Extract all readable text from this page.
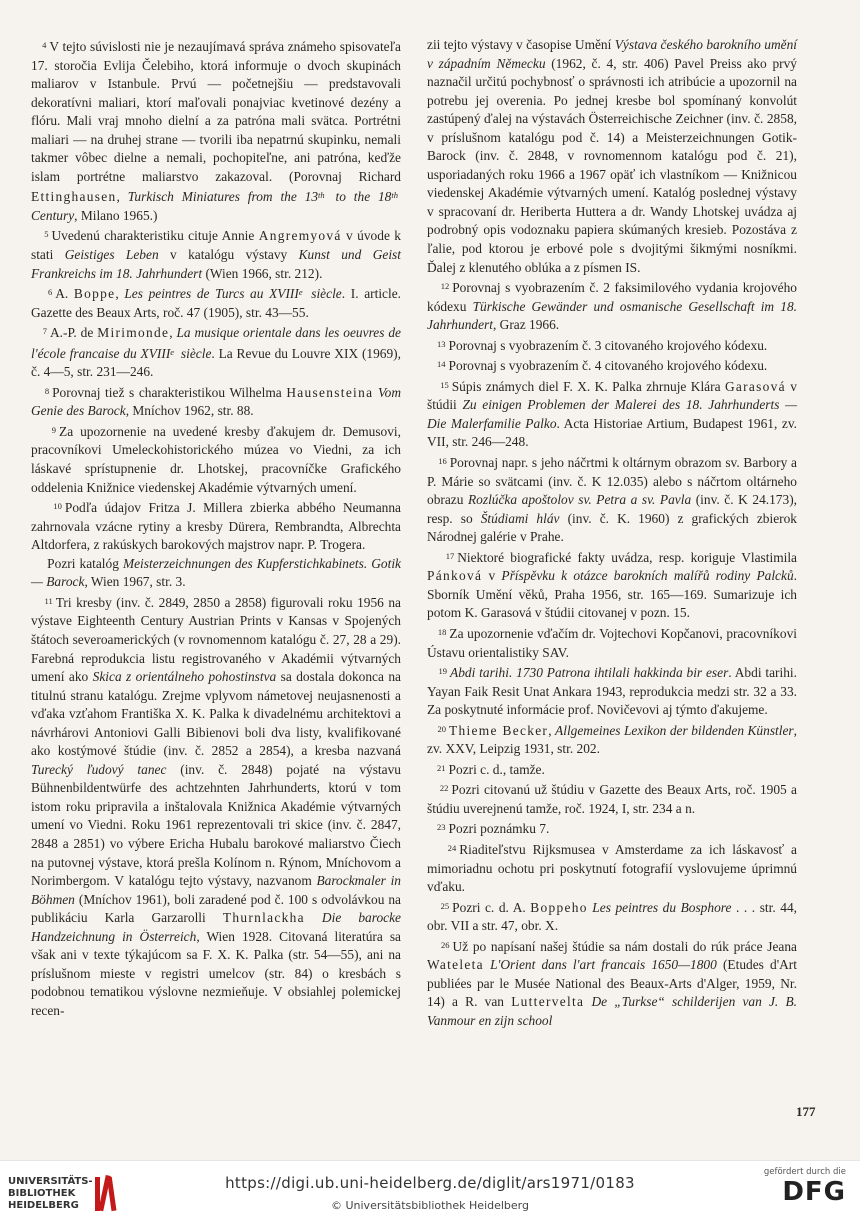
$^4$ V tejto súvislosti nie je nezaujímavá správa známeho spisovateľa 17. storočia Evlija Čelebiho, ktorá informuje o dvoch skupinách maliarov v Istanbule. Prvú — početnejšiu — predstavovali dekoratívni maliari, ktorí maľovali ponajviac kvetinové dezény a flóru. Mali vraj mnoho dielní a za patróna mali svätca. Portrétni maliari — na druhej strane — tvorili iba nepatrnú skupinku, nemali takmer vôbec dielne a nemali, pochopiteľne, ani patróna, keďže islam portrétne maliarstvo zakazoval. (Porovnaj Richard Ettinghausen, Turkisch Miniatures from the 13th to the 18th Century, Milano 1965.)

$^5$ Uvedenú charakteristiku cituje Annie Angremyová v úvode k stati Geistiges Leben v katalógu výstavy Kunst und Geist Frankreichs im 18. Jahrhundert (Wien 1966, str. 212).

$^6$ A. Boppe, Les peintres de Turcs au XVIIIe siècle. I. article. Gazette des Beaux Arts, roč. 47 (1905), str. 43—55.

$^7$ A.-P. de Mirimonde, La musique orientale dans les oeuvres de l'école francaise du XVIIIe siècle. La Revue du Louvre XIX (1969), č. 4—5, str. 231—246.

$^8$ Porovnaj tiež s charakteristikou Wilhelma Hausensteina Vom Genie des Barock, Mníchov 1962, str. 88.

$^9$ Za upozornenie na uvedené kresby ďakujem dr. Demusovi, pracovníkovi Umeleckohistorického múzea vo Viedni, za ich láskavé sprístupnenie dr. Lhotskej, pracovníčke Grafického oddelenia Knižnice viedenskej Akadémie výtvarných umení.

$^{10}$ Podľa údajov Fritza J. Millera zbierka abbého Neumanna zahrnovala vzácne rytiny a kresby Dürera, Rembrandta, Albrechta Altdorfera, z rakúskych barokových majstrov napr. P. Trogera.
Pozri katalóg Meisterzeichnungen des Kupferstichkabinets. Gotik — Barock, Wien 1967, str. 3.

$^{11}$ Tri kresby (inv. č. 2849, 2850 a 2858) figurovali roku 1956 na výstave Eighteenth Century Austrian Prints v Kansas v Spojených štátoch severoamerických (v rovnomennom katalógu č. 27, 28 a 29). Farebná reprodukcia listu registrovaného v Akadémii výtvarných umení ako Skica z orientálneho pohostinstva sa dostala dokonca na titulnú stranu katalógu. Zrejme vplyvom námetovej neujasnenosti a vďaka vzťahom Františka X. K. Palka k divadelnému architektovi a návrhárovi Antoniovi Galli Bibienovi boli dva listy, kvalifikované ako kostýmové štúdie (inv. č. 2852 a 2854), a kresba nazvaná Turecký ľudový tanec (inv. č. 2848) pojaté na výstavu Bühnenbildentwürfe des achtzehnten Jahrhunderts, ktorú v tom istom roku pripravila a inštalovala Knižnica Akadémie výtvarných umení vo Viedni. Roku 1961 reprezentovali tri skice (inv. č. 2847, 2848 a 2851) vo výbere Ericha Hubalu barokové maliarstvo Čiech na putovnej výstave, ktorá prešla Kolínom n. Rýnom, Mníchovom a Norimbergom. V katalógu tejto výstavy, nazvanom Barockmaler in Böhmen (Mníchov 1961), boli zaradené pod č. 100 s odvolávkou na publikáciu Karla Garzarolli Thurnlackha Die barocke Handzeichnung in Österreich, Wien 1928. Citovaná literatúra sa však ani v texte týkajúcom sa F. X. K. Palka (str. 54—55), ani na príslušnom mieste v registri umelcov (str. 84) o kresbách s podobnou tematikou výslovne nezmieňuje. V obsiahlej polemickej recen-

zii tejto výstavy v časopise Umění Výstava českého barokního umění v západním Německu (1962, č. 4, str. 406) Pavel Preiss ako prvý naznačil určitú pochybnosť o správnosti ich atribúcie a upozornil na potrebu jej overenia. Po jednej kresbe bol spomínaný konvolút zastúpený ďalej na výstavách Österreichische Zeichner (inv. č. 2858, v príslušnom katalógu pod č. 14) a Meisterzeichnungen Gotik-Barock (inv. č. 2848, v rovnomennom katalógu pod č. 21), usporiadaných roku 1966 a 1967 opäť ich vlastníkom — Knižnicou viedenskej Akadémie výtvarných umení. Katalóg poslednej výstavy v spracovaní dr. Heriberta Huttera a dr. Wandy Lhotskej uvádza aj podrobný opis vodoznaku papiera skúmaných kresieb. Pozostáva z ľalie, pod ktorou je erbové pole s dvojitými šikmými nosníkmi. Ďalej z klenutého oblúka a z písmen IS.

$^{12}$ Porovnaj s vyobrazením č. 2 faksimilového vydania krojového kódexu Türkische Gewänder und osmanische Gesellschaft im 18. Jahrhundert, Graz 1966.

$^{13}$ Porovnaj s vyobrazením č. 3 citovaného krojového kódexu.

$^{14}$ Porovnaj s vyobrazením č. 4 citovaného krojového kódexu.

$^{15}$ Súpis známych diel F. X. K. Palka zhrnuje Klára Garasová v štúdii Zu einigen Problemen der Malerei des 18. Jahrhunderts — Die Malerfamilie Palko. Acta Historiae Artium, Budapest 1961, zv. VII, str. 246—248.

$^{16}$ Porovnaj napr. s jeho náčrtmi k oltárnym obrazom sv. Barbory a P. Márie so svätcami (inv. č. K 12.035) alebo s náčrtom oltárneho obrazu Rozlúčka apoštolov sv. Petra a sv. Pavla (inv. č. K 24.173), resp. so Štúdiami hláv (inv. č. K. 1960) z grafických zbierok Národnej galérie v Prahe.

$^{17}$ Niektoré biografické fakty uvádza, resp. koriguje Vlastimila Pánková v Příspěvku k otázce barokních malířů rodiny Palcků. Sborník Umění věků, Praha 1956, str. 165—169. Sumarizuje ich potom K. Garasová v štúdii citovanej v pozn. 15.

$^{18}$ Za upozornenie vďačím dr. Vojtechovi Kopčanovi, pracovníkovi Ústavu orientalistiky SAV.

$^{19}$ Abdi tarihi. 1730 Patrona ihtilali hakkinda bir eser. Abdi tarihi. Yayan Faik Resit Unat Ankara 1943, reprodukcia medzi str. 32 a 33. Za poskytnuté informácie prof. Novičevovi aj týmto ďakujeme.

$^{20}$ Thieme Becker, Allgemeines Lexikon der bildenden Künstler, zv. XXV, Leipzig 1931, str. 202.

$^{21}$ Pozri c. d., tamže.

$^{22}$ Pozri citovanú už štúdiu v Gazette des Beaux Arts, roč. 1905 a štúdiu uverejnenú tamže, roč. 1924, I, str. 234 a n.

$^{23}$ Pozri poznámku 7.

$^{24}$ Riaditeľstvu Rijksmusea v Amsterdame za ich láskavosť a mimoriadnu ochotu pri poskytnutí fotografií vyslovujeme úprimnú vďaku.

$^{25}$ Pozri c. d. A. Boppeho Les peintres du Bosphore . . . str. 44, obr. VII a str. 47, obr. X.

$^{26}$ Už po napísaní našej štúdie sa nám dostali do rúk práce Jeana Wateleta L'Orient dans l'art francais 1650—1800 (Etudes d'Art publiées par le Musée National des Beaux-Arts d'Alger, 1959, Nr. 14) a R. van Luttervelta De „Turkse“ schilderijen van J. B. Vanmour en zijn school

177
UNIVERSITÄTS-BIBLIOTHEK HEIDELBERG
https://digi.ub.uni-heidelberg.de/diglit/ars1971/0183
© Universitätsbibliothek Heidelberg
gefördert durch die
DFG
